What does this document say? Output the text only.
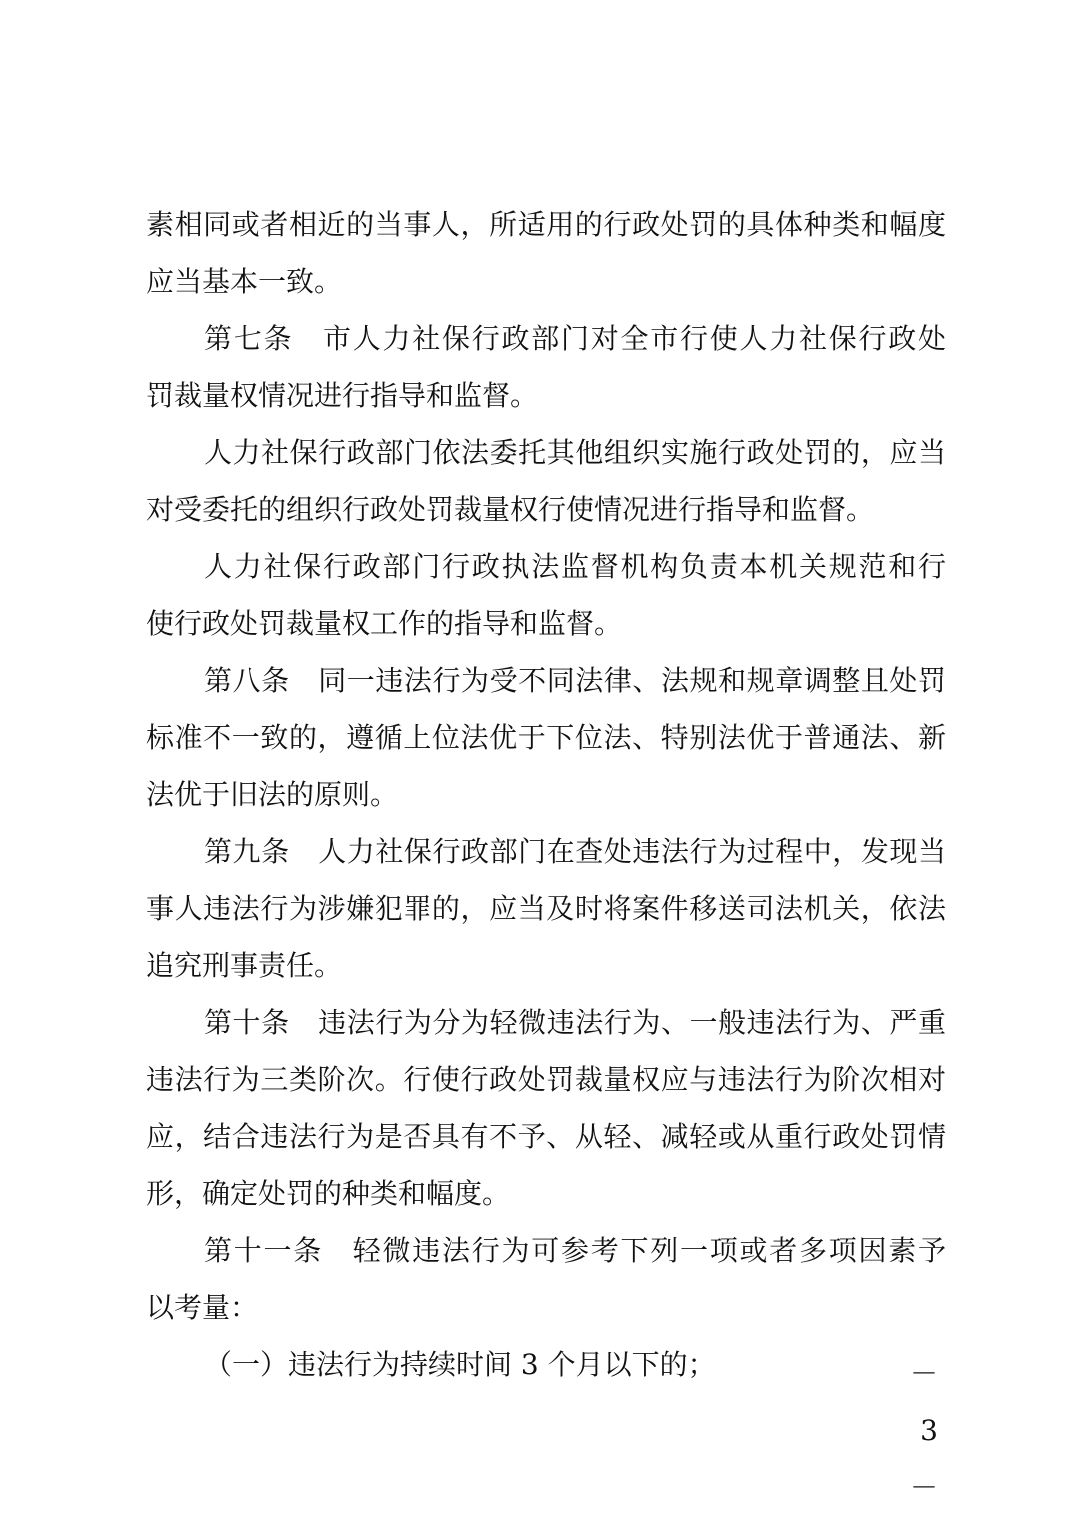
素相同或者相近的当事人，所适用的行政处罚的具体种类和幅度
应当基本一致。
第七条　市人力社保行政部门对全市行使人力社保行政处
罚裁量权情况进行指导和监督。
人力社保行政部门依法委托其他组织实施行政处罚的，应当
对受委托的组织行政处罚裁量权行使情况进行指导和监督。
人力社保行政部门行政执法监督机构负责本机关规范和行
使行政处罚裁量权工作的指导和监督。
第八条　同一违法行为受不同法律、法规和规章调整且处罚
标准不一致的，遵循上位法优于下位法、特别法优于普通法、新
法优于旧法的原则。
第九条　人力社保行政部门在查处违法行为过程中，发现当
事人违法行为涉嫌犯罪的，应当及时将案件移送司法机关，依法
追究刑事责任。
第十条　违法行为分为轻微违法行为、一般违法行为、严重
违法行为三类阶次。行使行政处罚裁量权应与违法行为阶次相对
应，结合违法行为是否具有不予、从轻、减轻或从重行政处罚情
形，确定处罚的种类和幅度。
第十一条　轻微违法行为可参考下列一项或者多项因素予
以考量：
（一）违法行为持续时间 3 个月以下的；	－ 3 －
